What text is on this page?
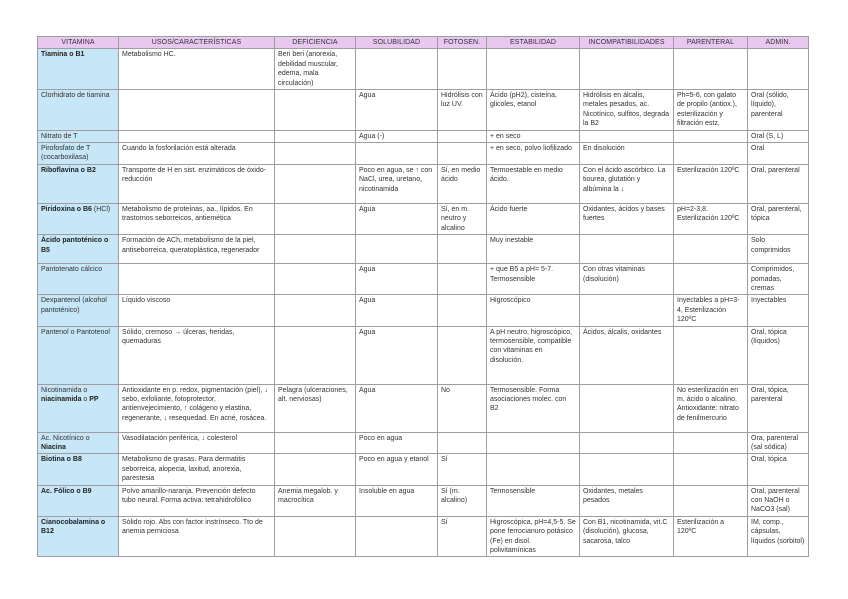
VITAMINA	USOS/CARACTERÍSTICAS	DEFICIENCIA	SOLUBILIDAD	FOTOSEN.	ESTABILIDAD	INCOMPATIBILIDADES	PARENTERAL	ADMIN.
Tiamina o B1	Metabolismo HC.	Beri beri (anorexia, debilidad muscular, edema, mala circulación)						
Clorhidrato de tiamina			Agua	Hidrólisis con luz UV.	Ácido (pH2), cisteína, glicoles, etanol	Hidrólisis en álcalis, metales pesados, ac. Nicotínico, sulfitos, degrada la B2	Ph=5-6, con galato de propilo (antiox.), esterilización y filtración estz.	Oral (sólido, líquido), parenteral
Nitrato de T			Agua (-)		+ en seco			Oral (S, L)
Pirofosfato de T (cocarboxilasa)	Cuando la fosforilación está alterada				+ en seco, polvo liofilizado	En disolución		Oral
Riboflavina o B2	Transporte de H en sist. enzimáticos de óxido-reducción		Poco en agua, se ↑ con NaCl, urea, uretano, nicotinamida	Sí, en medio ácido	Termoestable en medio ácido.	Con el ácido ascórbico. La tiourea, glutatión y albúmina la ↓	Esterilización 120ºC	Oral, parenteral
Piridoxina o B6 (HCl)	Metabolismo de proteínas, aa., lípidos. En trastornos seborreicos, antiemética		Agua	Sí, en m. neutro y alcalino	Ácido fuerte	Oxidantes, ácidos y bases fuertes	pH=2-3,8. Esterilización 120ºC	Oral, parenteral, tópica
Ácido pantoténico o B5	Formación de ACh, metabolismo de la piel, antiseborreica, queratoplástica, regenerador				Muy inestable			Solo comprimidos
Pantotenato cálcico			Agua		+ que B5 a pH= 5-7. Termosensible	Con otras vitaminas (disolución)		Comprimidos, pomadas, cremas
Dexpantenol (alcohol pantoténico)	Líquido viscoso		Agua		Higroscópico		Inyectables a pH=3-4, Esterilización 120ºC	Inyectables
Pantenol o Pantotenol	Sólido, cremoso → úlceras, heridas, quemaduras		Agua		A pH neutro, higroscópico, termosensible, compatible con vitaminas en disolución.	Ácidos, álcalis, oxidantes		Oral, tópica (líquidos)
Nicotinamida o niacinamida o PP	Antioxidante en p. redox, pigmentación (piel), ↓ sebo, exfoliante, fotoprotector, antienvejecimiento, ↑ colágeno y elastina, regenerante, ↓ resequedad. En acné, rosácea.	Pelagra (ulceraciones, alt. nerviosas)	Agua	No	Termosensible. Forma asociaciones molec. con B2		No esterilización en m. ácido o alcalino. Antioxidante: nitrato de fenilmercurio	Oral, tópica, parenteral
Ac. Nicotínico o Niacina	Vasodilatación periférica, ↓ colesterol		Poco en agua					Ora, parenteral (sal sódica)
Biotina o B8	Metabolismo de grasas. Para dermatitis seborreica, alopecia, laxitud, anorexia, parestesia		Poco en agua y etanol	Sí				Oral, tópica
Ac. Fólico o B9	Polvo amarillo-naranja. Prevención defecto tubo neural. Forma activa: tetrahidrofólico	Anemia megalob. y macrocítica	Insoluble en agua	Sí (m. alcalino)	Termosensible	Oxidantes, metales pesados		Oral, parenteral con NaOH o NaCO3 (sal)
Cianocobalamina o B12	Sólido rojo. Abs con factor instrínseco. Tto de anemia perniciosa			Sí	Higroscópica, pH=4,5-5. Se pone ferrocianuro potásico (Fe) en disol. polivitamínicas	Con B1, nicotinamida, vit.C (disolución), glucosa, sacarosa, talco	Esterilización a 120ºC	IM, comp., cápsulas, líquidos (sorbitol)
